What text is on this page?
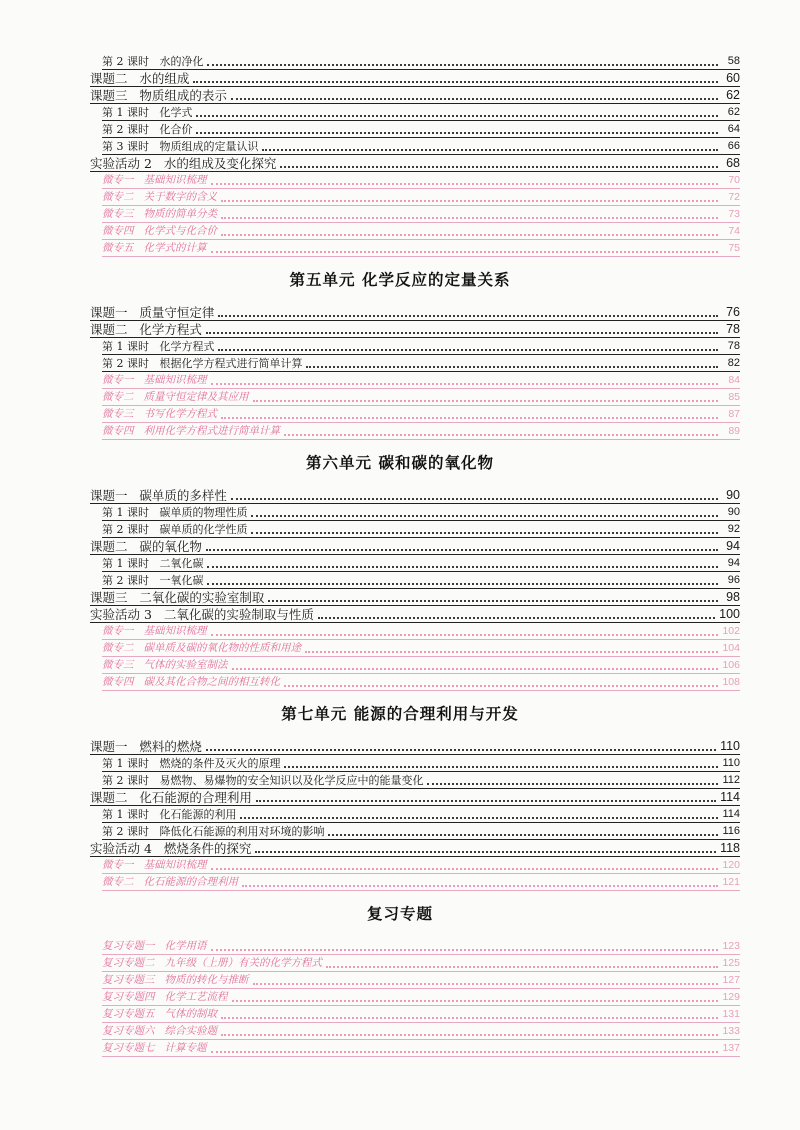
第 2 课时   水的净化	58
课题二   水的组成	60
课题三   物质组成的表示	62
第 1 课时   化学式	62
第 2 课时   化合价	64
第 3 课时   物质组成的定量认识	66
实验活动 2   水的组成及变化探究	68
微专一   基础知识梳理	70
微专二   关于数字的含义	72
微专三   物质的简单分类	73
微专四   化学式与化合价	74
微专五   化学式的计算	75
第五单元 化学反应的定量关系
课题一   质量守恒定律	76
课题二   化学方程式	78
第 1 课时   化学方程式	78
第 2 课时   根据化学方程式进行简单计算	82
微专一   基础知识梳理	84
微专二   质量守恒定律及其应用	85
微专三   书写化学方程式	87
微专四   利用化学方程式进行简单计算	89
第六单元 碳和碳的氧化物
课题一   碳单质的多样性	90
第 1 课时   碳单质的物理性质	90
第 2 课时   碳单质的化学性质	92
课题二   碳的氧化物	94
第 1 课时   二氧化碳	94
第 2 课时   一氧化碳	96
课题三   二氧化碳的实验室制取	98
实验活动 3   二氧化碳的实验制取与性质	100
微专一   基础知识梳理	102
微专二   碳单质及碳的氧化物的性质和用途	104
微专三   气体的实验室制法	106
微专四   碳及其化合物之间的相互转化	108
第七单元 能源的合理利用与开发
课题一   燃料的燃烧	110
第 1 课时   燃烧的条件及灭火的原理	110
第 2 课时   易燃物、易爆物的安全知识以及化学反应中的能量变化	112
课题二   化石能源的合理利用	114
第 1 课时   化石能源的利用	114
第 2 课时   降低化石能源的利用对环境的影响	116
实验活动 4   燃烧条件的探究	118
微专一   基础知识梳理	120
微专二   化石能源的合理利用	121
复习专题
复习专题一   化学用语	123
复习专题二   九年级（上册）有关的化学方程式	125
复习专题三   物质的转化与推断	127
复习专题四   化学工艺流程	129
复习专题五   气体的制取	131
复习专题六   综合实验题	133
复习专题七   计算专题	137
